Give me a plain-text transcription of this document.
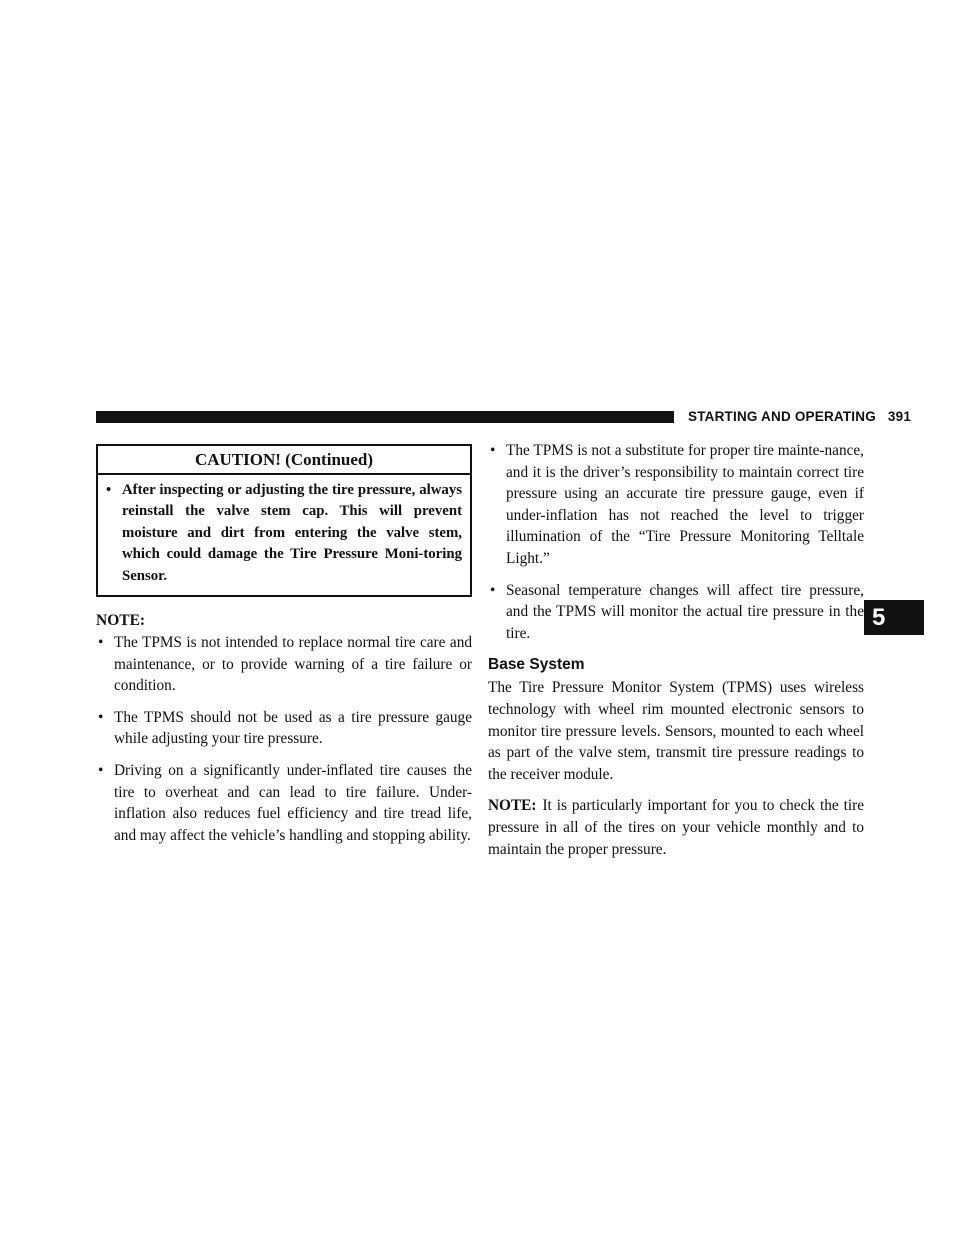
STARTING AND OPERATING 391
5
CAUTION! (Continued)
• After inspecting or adjusting the tire pressure, always reinstall the valve stem cap. This will prevent moisture and dirt from entering the valve stem, which could damage the Tire Pressure Moni-toring Sensor.
NOTE:
• The TPMS is not intended to replace normal tire care and maintenance, or to provide warning of a tire failure or condition.
• The TPMS should not be used as a tire pressure gauge while adjusting your tire pressure.
• Driving on a significantly under-inflated tire causes the tire to overheat and can lead to tire failure. Under-inflation also reduces fuel efficiency and tire tread life, and may affect the vehicle’s handling and stopping ability.
• The TPMS is not a substitute for proper tire mainte-nance, and it is the driver’s responsibility to maintain correct tire pressure using an accurate tire pressure gauge, even if under-inflation has not reached the level to trigger illumination of the “Tire Pressure Monitoring Telltale Light.”
• Seasonal temperature changes will affect tire pressure, and the TPMS will monitor the actual tire pressure in the tire.
Base System
The Tire Pressure Monitor System (TPMS) uses wireless technology with wheel rim mounted electronic sensors to monitor tire pressure levels. Sensors, mounted to each wheel as part of the valve stem, transmit tire pressure readings to the receiver module.
NOTE: It is particularly important for you to check the tire pressure in all of the tires on your vehicle monthly and to maintain the proper pressure.
